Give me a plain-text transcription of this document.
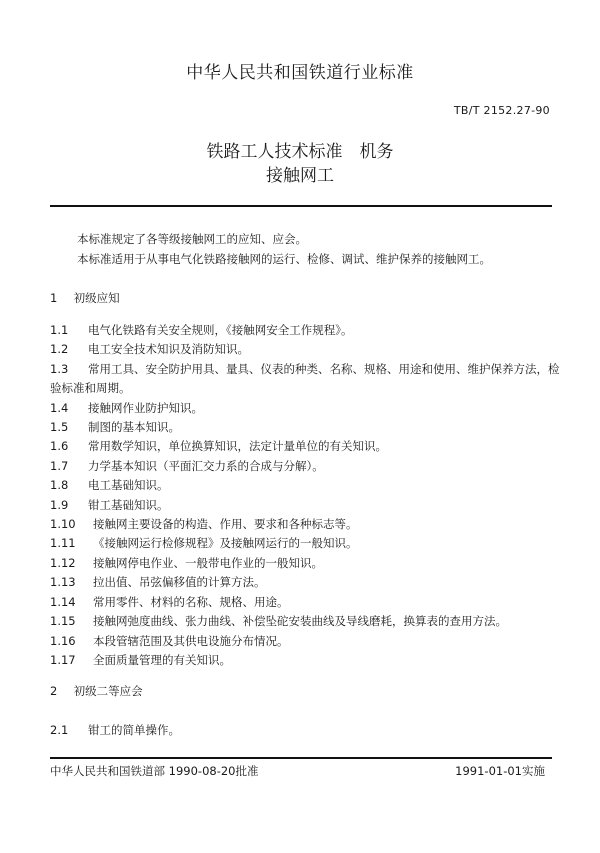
中华人民共和国铁道行业标准
TB/T 2152.27-90
铁路工人技术标准　机务
接触网工
本标准规定了各等级接触网工的应知、应会。
本标准适用于从事电气化铁路接触网的运行、检修、调试、维护保养的接触网工。
1 初级应知
1.1 电气化铁路有关安全规则，《接触网安全工作规程》。
1.2 电工安全技术知识及消防知识。
1.3 常用工具、安全防护用具、量具、仪表的种类、名称、规格、用途和使用、维护保养方法，检验标准和周期。
1.4 接触网作业防护知识。
1.5 制图的基本知识。
1.6 常用数学知识，单位换算知识，法定计量单位的有关知识。
1.7 力学基本知识（平面汇交力系的合成与分解）。
1.8 电工基础知识。
1.9 钳工基础知识。
1.10 接触网主要设备的构造、作用、要求和各种标志等。
1.11 《接触网运行检修规程》及接触网运行的一般知识。
1.12 接触网停电作业、一般带电作业的一般知识。
1.13 拉出值、吊弦偏移值的计算方法。
1.14 常用零件、材料的名称、规格、用途。
1.15 接触网弛度曲线、张力曲线、补偿坠砣安装曲线及导线磨耗，换算表的查用方法。
1.16 本段管辖范围及其供电设施分布情况。
1.17 全面质量管理的有关知识。
2 初级二等应会
2.1 钳工的简单操作。
中华人民共和国铁道部 1990-08-20批准	1991-01-01实施
